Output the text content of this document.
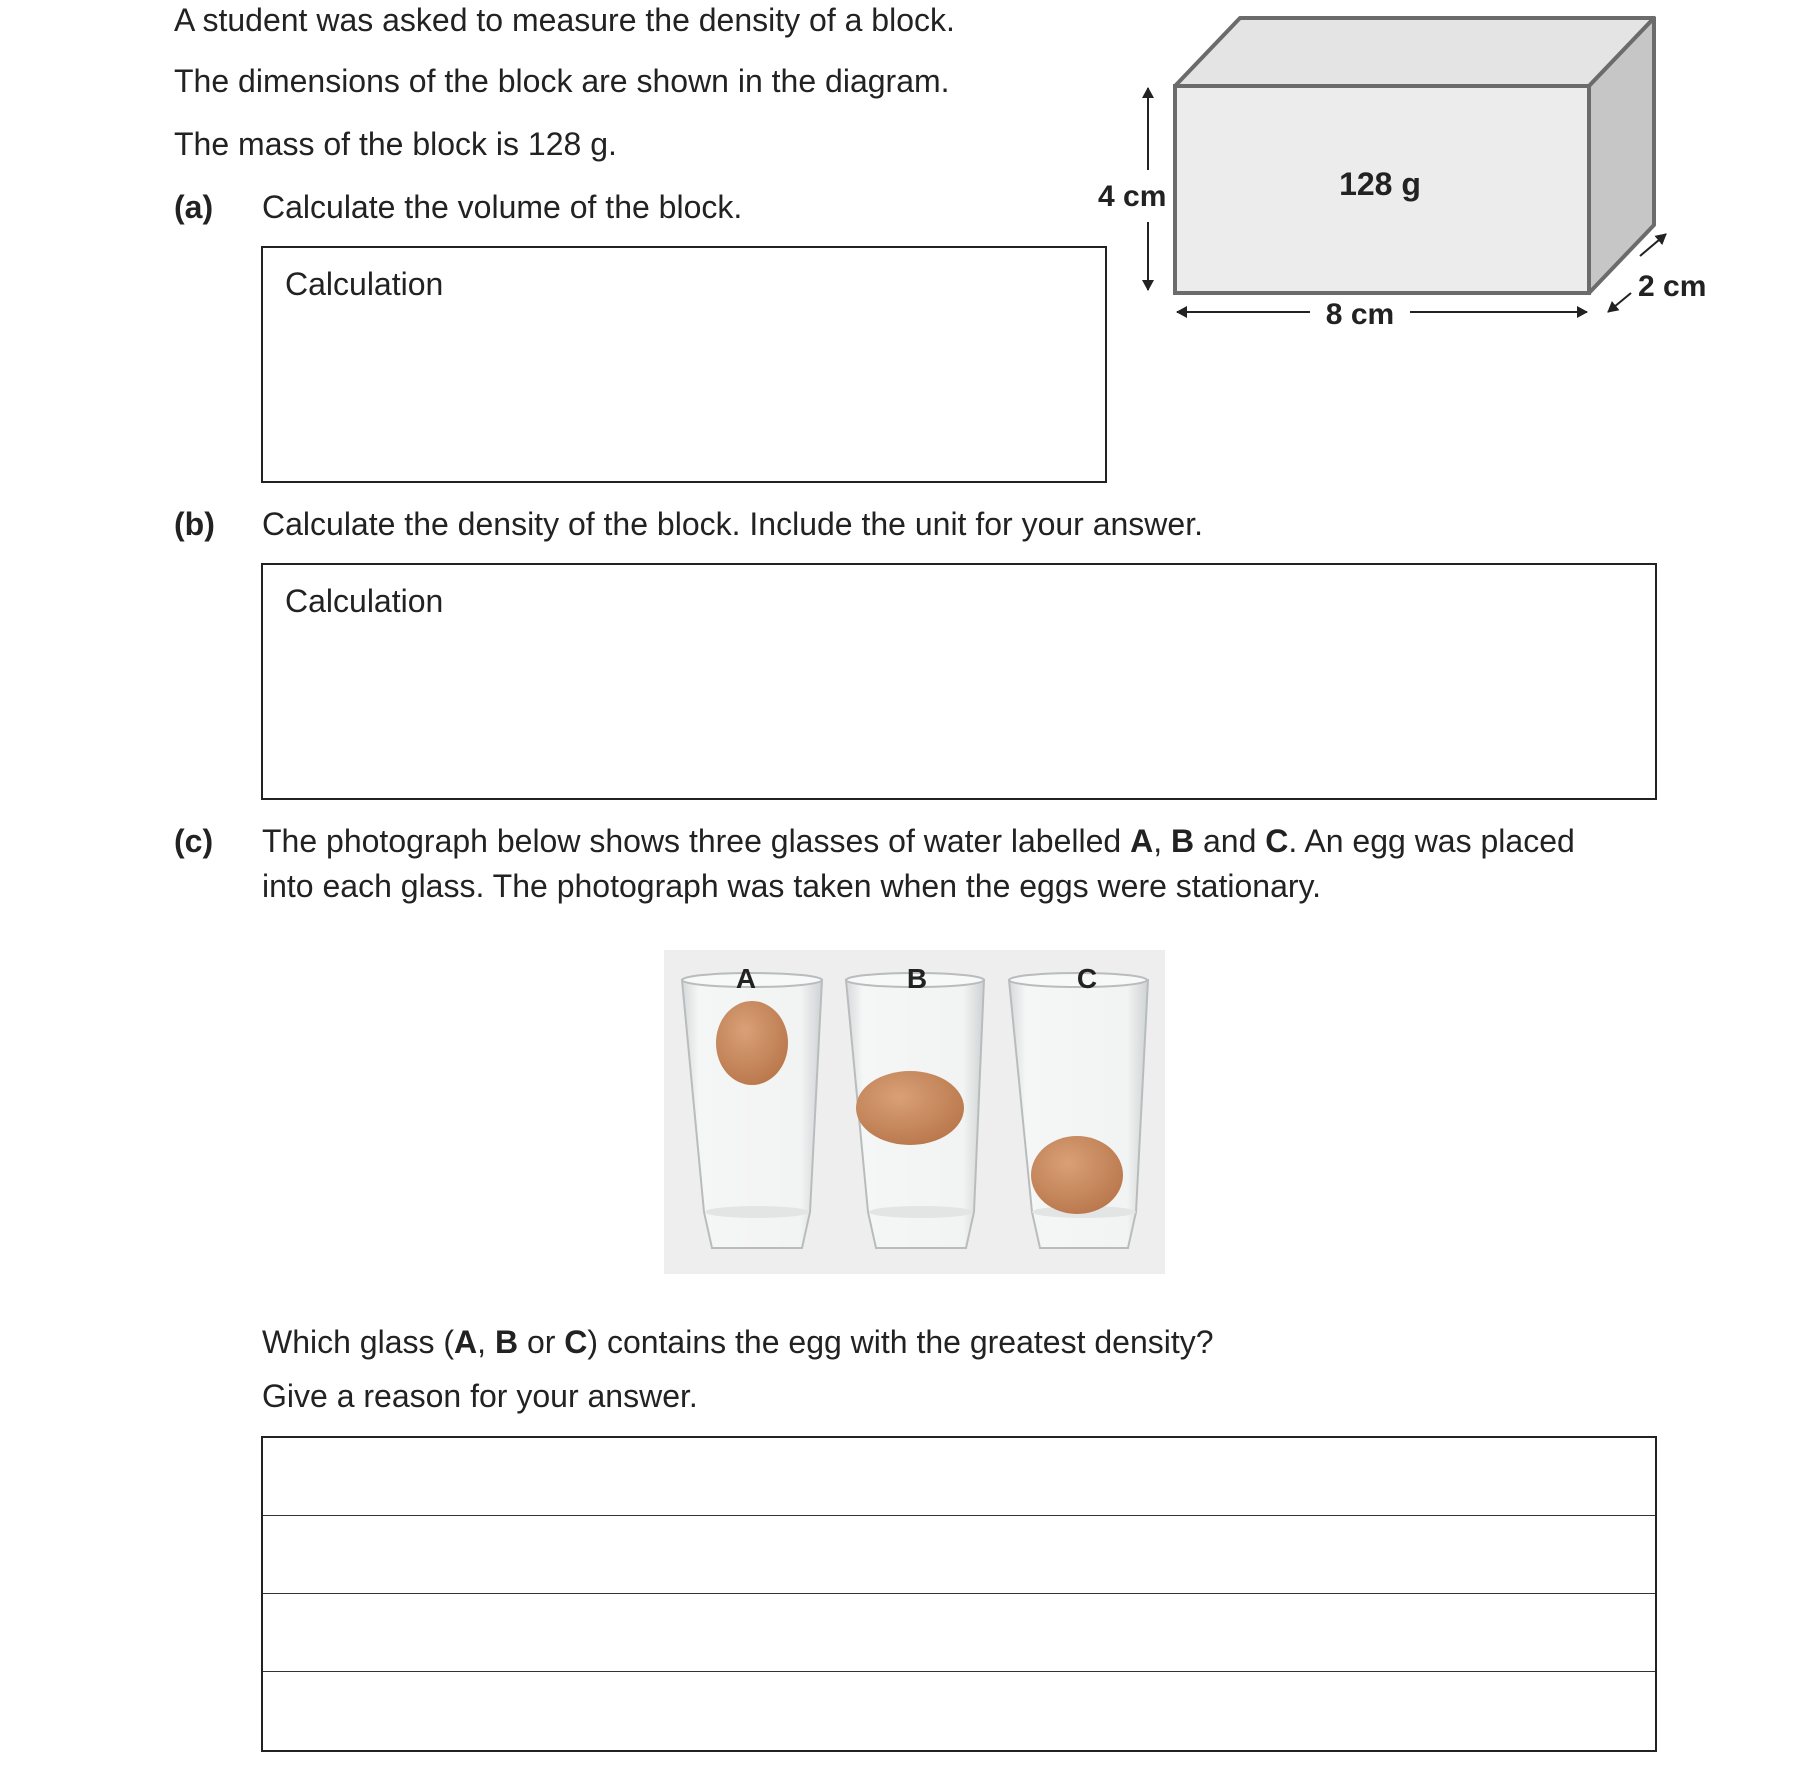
A student was asked to measure the density of a block.
The dimensions of the block are shown in the diagram.
The mass of the block is 128 g.
(a) Calculate the volume of the block.
Calculation
128 g
4 cm
8 cm
2 cm
(b) Calculate the density of the block. Include the unit for your answer.
Calculation
(c) The photograph below shows three glasses of water labelled A, B and C. An egg was placed
into each glass. The photograph was taken when the eggs were stationary.
A	B	C
Which glass (A, B or C) contains the egg with the greatest density?
Give a reason for your answer.
